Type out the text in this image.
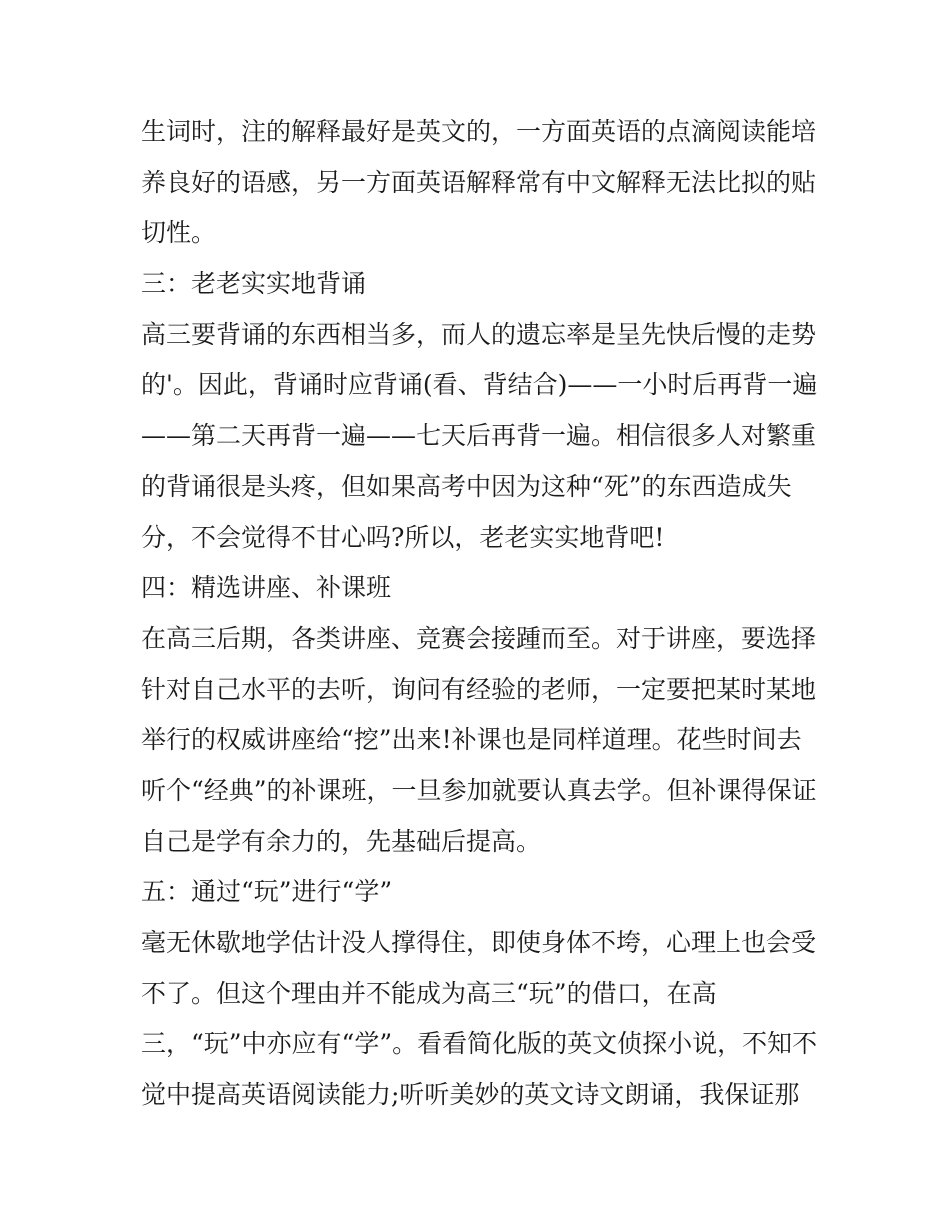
生词时，注的解释最好是英文的，一方面英语的点滴阅读能培
养良好的语感，另一方面英语解释常有中文解释无法比拟的贴
切性。
三：老老实实地背诵
高三要背诵的东西相当多，而人的遗忘率是呈先快后慢的走势
的'。因此，背诵时应背诵(看、背结合)——一小时后再背一遍
——第二天再背一遍——七天后再背一遍。相信很多人对繁重
的背诵很是头疼，但如果高考中因为这种“死”的东西造成失
分，不会觉得不甘心吗?所以，老老实实地背吧!
四：精选讲座、补课班
在高三后期，各类讲座、竞赛会接踵而至。对于讲座，要选择
针对自己水平的去听，询问有经验的老师，一定要把某时某地
举行的权威讲座给“挖”出来!补课也是同样道理。花些时间去
听个“经典”的补课班，一旦参加就要认真去学。但补课得保证
自己是学有余力的，先基础后提高。
五：通过“玩”进行“学”
毫无休歇地学估计没人撑得住，即使身体不垮，心理上也会受
不了。但这个理由并不能成为高三“玩”的借口，在高
三，“玩”中亦应有“学”。看看简化版的英文侦探小说，不知不
觉中提高英语阅读能力;听听美妙的英文诗文朗诵，我保证那
